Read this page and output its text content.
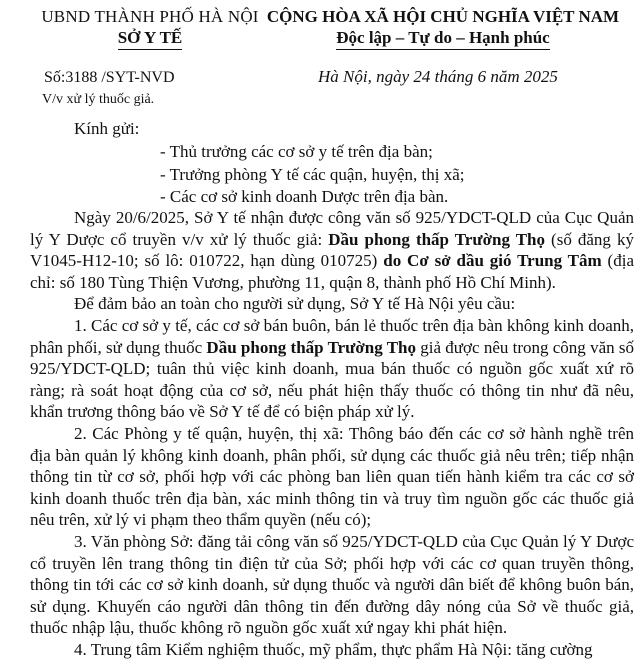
UBND THÀNH PHỐ HÀ NỘI
SỞ Y TẾ
CỘNG HÒA XÃ HỘI CHỦ NGHĨA VIỆT NAM
Độc lập – Tự do – Hạnh phúc
Số:3188 /SYT-NVD
V/v xử lý thuốc giả.
Hà Nội, ngày 24 tháng 6 năm 2025
Kính gửi:
- Thủ trưởng các cơ sở y tế trên địa bàn;
- Trưởng phòng Y tế các quận, huyện, thị xã;
- Các cơ sở kinh doanh Dược trên địa bàn.

Ngày 20/6/2025, Sở Y tế nhận được công văn số 925/YDCT-QLD của Cục Quản lý Y Dược cổ truyền v/v xử lý thuốc giả: Dầu phong thấp Trường Thọ (số đăng ký V1045-H12-10; số lô: 010722, hạn dùng 010725) do Cơ sở dầu gió Trung Tâm (địa chỉ: số 180 Tùng Thiện Vương, phường 11, quận 8, thành phố Hồ Chí Minh).

Để đảm bảo an toàn cho người sử dụng, Sở Y tế Hà Nội yêu cầu:

1. Các cơ sở y tế, các cơ sở bán buôn, bán lẻ thuốc trên địa bàn không kinh doanh, phân phối, sử dụng thuốc Dầu phong thấp Trường Thọ giả được nêu trong công văn số 925/YDCT-QLD; tuân thủ việc kinh doanh, mua bán thuốc có nguồn gốc xuất xứ rõ ràng; rà soát hoạt động của cơ sở, nếu phát hiện thấy thuốc có thông tin như đã nêu, khẩn trương thông báo về Sở Y tế để có biện pháp xử lý.

2. Các Phòng y tế quận, huyện, thị xã: Thông báo đến các cơ sở hành nghề trên địa bàn quản lý không kinh doanh, phân phối, sử dụng các thuốc giả nêu trên; tiếp nhận thông tin từ cơ sở, phối hợp với các phòng ban liên quan tiến hành kiểm tra các cơ sở kinh doanh thuốc trên địa bàn, xác minh thông tin và truy tìm nguồn gốc các thuốc giả nêu trên, xử lý vi phạm theo thẩm quyền (nếu có);

3. Văn phòng Sở: đăng tải công văn số 925/YDCT-QLD của Cục Quản lý Y Dược cổ truyền lên trang thông tin điện tử của Sở; phối hợp với các cơ quan truyền thông, thông tin tới các cơ sở kinh doanh, sử dụng thuốc và người dân biết để không buôn bán, sử dụng. Khuyến cáo người dân thông tin đến đường dây nóng của Sở về thuốc giả, thuốc nhập lậu, thuốc không rõ nguồn gốc xuất xứ ngay khi phát hiện.

4. Trung tâm Kiểm nghiệm thuốc, mỹ phẩm, thực phẩm Hà Nội: tăng cường
